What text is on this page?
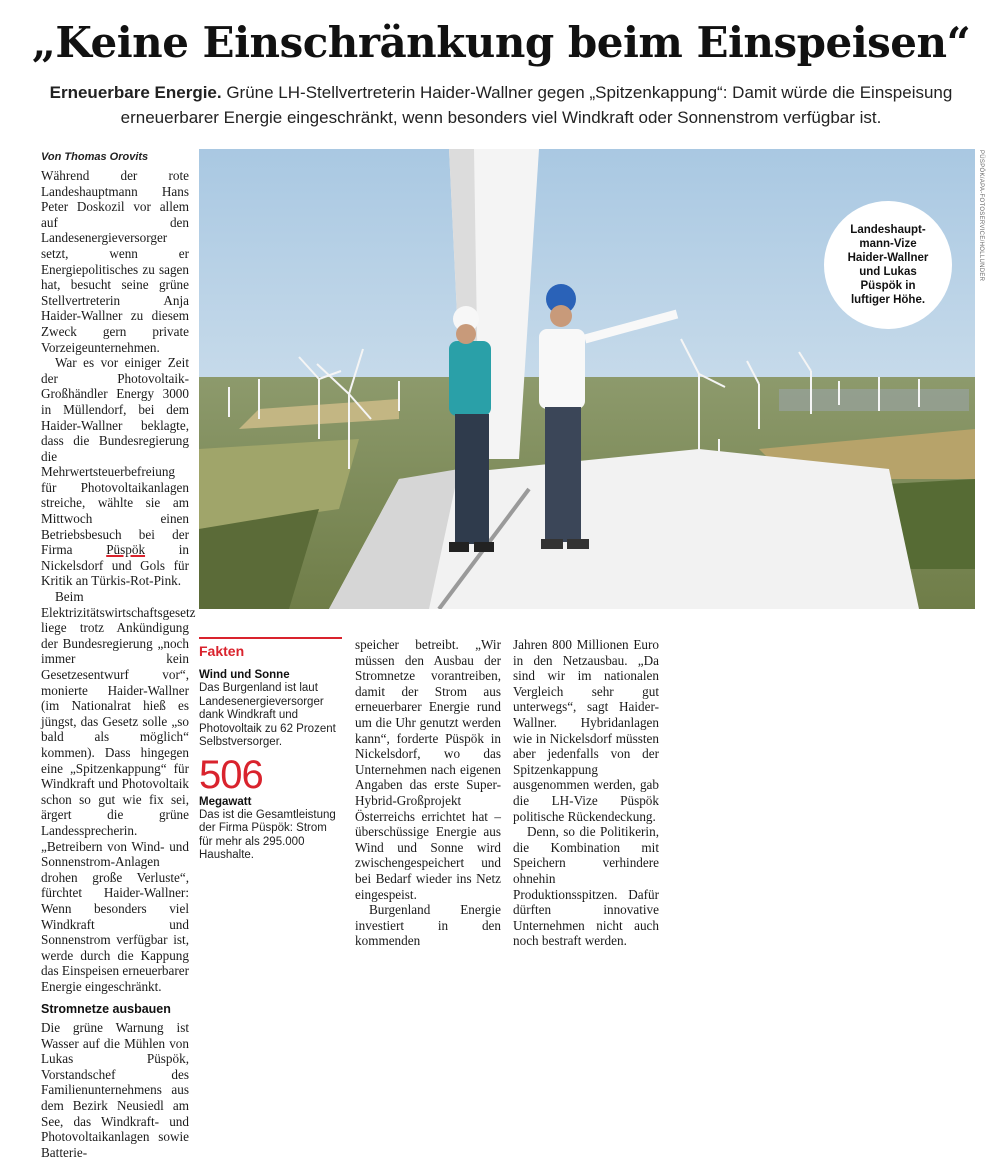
„Keine Einschränkung beim Einspeisen“
Erneuerbare Energie. Grüne LH-Stellvertreterin Haider-Wallner gegen „Spitzenkappung“: Damit würde die Einspeisung erneuerbarer Energie eingeschränkt, wenn besonders viel Windkraft oder Sonnenstrom verfügbar ist.
Von Thomas Orovits

Während der rote Landeshauptmann Hans Peter Doskozil vor allem auf den Landesenergieversorger setzt, wenn er Energiepolitisches zu sagen hat, besucht seine grüne Stellvertreterin Anja Haider-Wallner zu diesem Zweck gern private Vorzeigeunternehmen.

War es vor einiger Zeit der Photovoltaik-Großhändler Energy 3000 in Müllendorf, bei dem Haider-Wallner beklagte, dass die Bundesregierung die Mehrwertsteuerbefreiung für Photovoltaikanlagen streiche, wählte sie am Mittwoch einen Betriebsbesuch bei der Firma Püspök in Nickelsdorf und Gols für Kritik an Türkis-Rot-Pink.

Beim Elektrizitätswirtschaftsgesetz liege trotz Ankündigung der Bundesregierung „noch immer kein Gesetzesentwurf vor“, monierte Haider-Wallner (im Nationalrat hieß es jüngst, das Gesetz solle „so bald als möglich“ kommen). Dass hingegen eine „Spitzenkappung“ für Windkraft und Photovoltaik schon so gut wie fix sei, ärgert die grüne Landessprecherin. „Betreibern von Wind- und Sonnenstrom-Anlagen drohen große Verluste“, fürchtet Haider-Wallner: Wenn besonders viel Windkraft und Sonnenstrom verfügbar ist, werde durch die Kappung das Einspeisen erneuerbarer Energie eingeschränkt.

Stromnetze ausbauen

Die grüne Warnung ist Wasser auf die Mühlen von Lukas Püspök, Vorstandschef des Familienunternehmens aus dem Bezirk Neusiedl am See, das Windkraft- und Photovoltaikanlagen sowie Batterie-

PÜSPÖK/APA-FOTOSERVICE/HOLLUNDER
Landeshaupt-
mann-Vize
Haider-Wallner
und Lukas
Püspök in
luftiger Höhe.
Fakten
Wind und Sonne
Das Burgenland ist laut Landesenergieversorger dank Windkraft und Photovoltaik zu 62 Prozent Selbstversorger.
506
Megawatt
Das ist die Gesamtleistung der Firma Püspök: Strom für mehr als 295.000 Haushalte.

speicher betreibt. „Wir müssen den Ausbau der Stromnetze vorantreiben, damit der Strom aus erneuerbarer Energie rund um die Uhr genutzt werden kann“, forderte Püspök in Nickelsdorf, wo das Unternehmen nach eigenen Angaben das erste Super-Hybrid-Großprojekt Österreichs errichtet hat – überschüssige Energie aus Wind und Sonne wird zwischengespeichert und bei Bedarf wieder ins Netz eingespeist.

Burgenland Energie investiert in den kommenden

Jahren 800 Millionen Euro in den Netzausbau. „Da sind wir im nationalen Vergleich sehr gut unterwegs“, sagt Haider-Wallner. Hybridanlagen wie in Nickelsdorf müssten aber jedenfalls von der Spitzenkappung ausgenommen werden, gab die LH-Vize Püspök politische Rückendeckung.

Denn, so die Politikerin, die Kombination mit Speichern verhindere ohnehin Produktionsspitzen. Dafür dürften innovative Unternehmen nicht auch noch bestraft werden.
